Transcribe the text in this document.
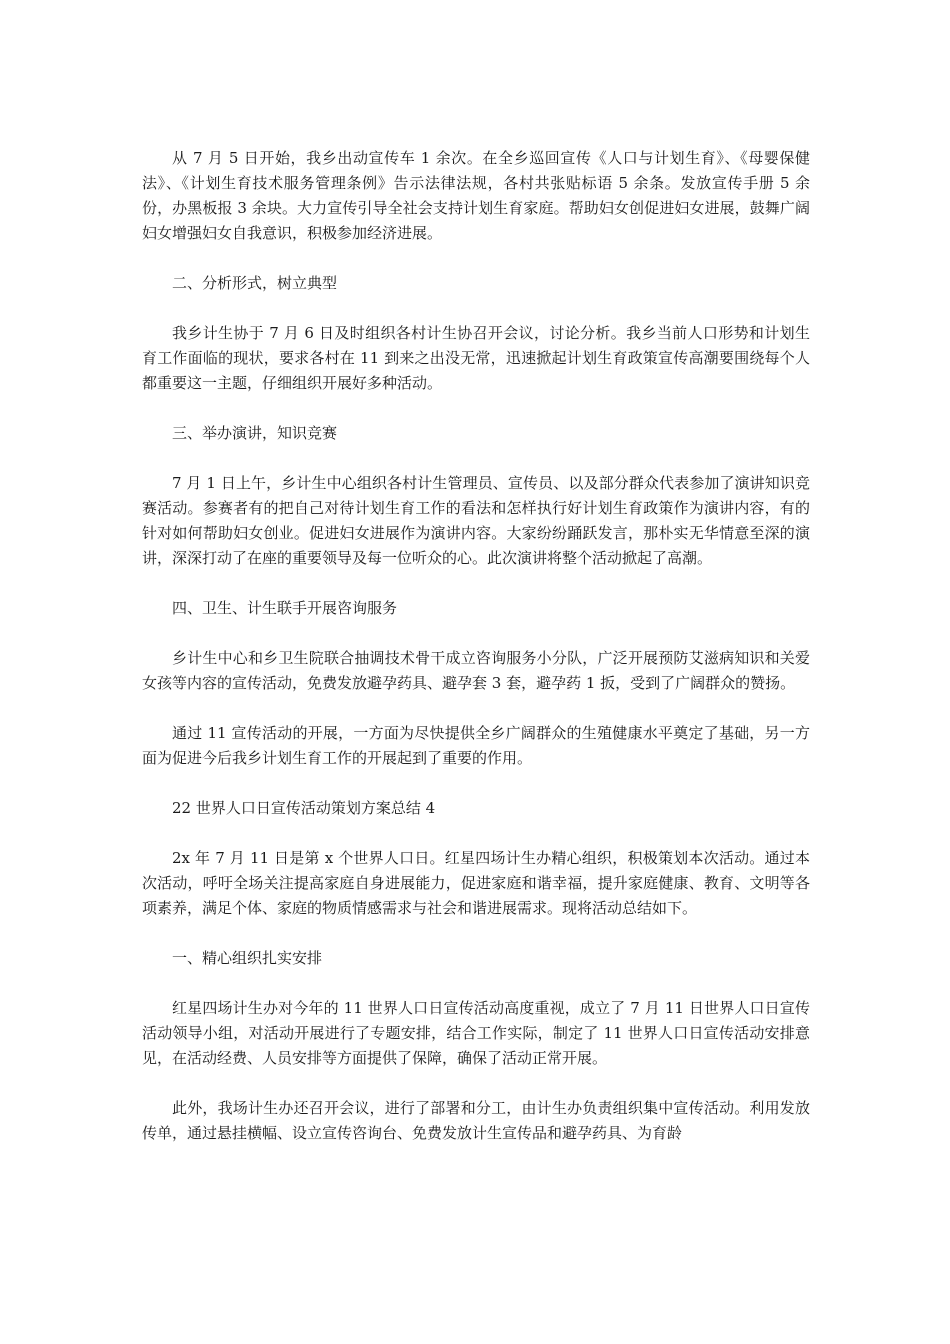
从 7 月 5 日开始，我乡出动宣传车 1 余次。在全乡巡回宣传《人口与计划生育》、《母婴保健法》、《计划生育技术服务管理条例》告示法律法规，各村共张贴标语 5 余条。发放宣传手册 5 余份，办黑板报 3 余块。大力宣传引导全社会支持计划生育家庭。帮助妇女创促进妇女进展，鼓舞广阔妇女增强妇女自我意识，积极参加经济进展。

二、分析形式，树立典型

我乡计生协于 7 月 6 日及时组织各村计生协召开会议，讨论分析。我乡当前人口形势和计划生育工作面临的现状，要求各村在 11 到来之出没无常，迅速掀起计划生育政策宣传高潮要围绕每个人都重要这一主题，仔细组织开展好多种活动。

三、举办演讲，知识竞赛

7 月 1 日上午，乡计生中心组织各村计生管理员、宣传员、以及部分群众代表参加了演讲知识竞赛活动。参赛者有的把自己对待计划生育工作的看法和怎样执行好计划生育政策作为演讲内容，有的针对如何帮助妇女创业。促进妇女进展作为演讲内容。大家纷纷踊跃发言，那朴实无华情意至深的演讲，深深打动了在座的重要领导及每一位听众的心。此次演讲将整个活动掀起了高潮。

四、卫生、计生联手开展咨询服务

乡计生中心和乡卫生院联合抽调技术骨干成立咨询服务小分队，广泛开展预防艾滋病知识和关爱女孩等内容的宣传活动，免费发放避孕药具、避孕套 3 套，避孕药 1 扳，受到了广阔群众的赞扬。

通过 11 宣传活动的开展，一方面为尽快提供全乡广阔群众的生殖健康水平奠定了基础，另一方面为促进今后我乡计划生育工作的开展起到了重要的作用。

22 世界人口日宣传活动策划方案总结 4

2x 年 7 月 11 日是第 x 个世界人口日。红星四场计生办精心组织，积极策划本次活动。通过本次活动，呼吁全场关注提高家庭自身进展能力，促进家庭和谐幸福，提升家庭健康、教育、文明等各项素养，满足个体、家庭的物质情感需求与社会和谐进展需求。现将活动总结如下。

一、精心组织扎实安排

红星四场计生办对今年的 11 世界人口日宣传活动高度重视，成立了 7 月 11 日世界人口日宣传活动领导小组，对活动开展进行了专题安排，结合工作实际，制定了 11 世界人口日宣传活动安排意见，在活动经费、人员安排等方面提供了保障，确保了活动正常开展。

此外，我场计生办还召开会议，进行了部署和分工，由计生办负责组织集中宣传活动。利用发放传单，通过悬挂横幅、设立宣传咨询台、免费发放计生宣传品和避孕药具、为育龄
